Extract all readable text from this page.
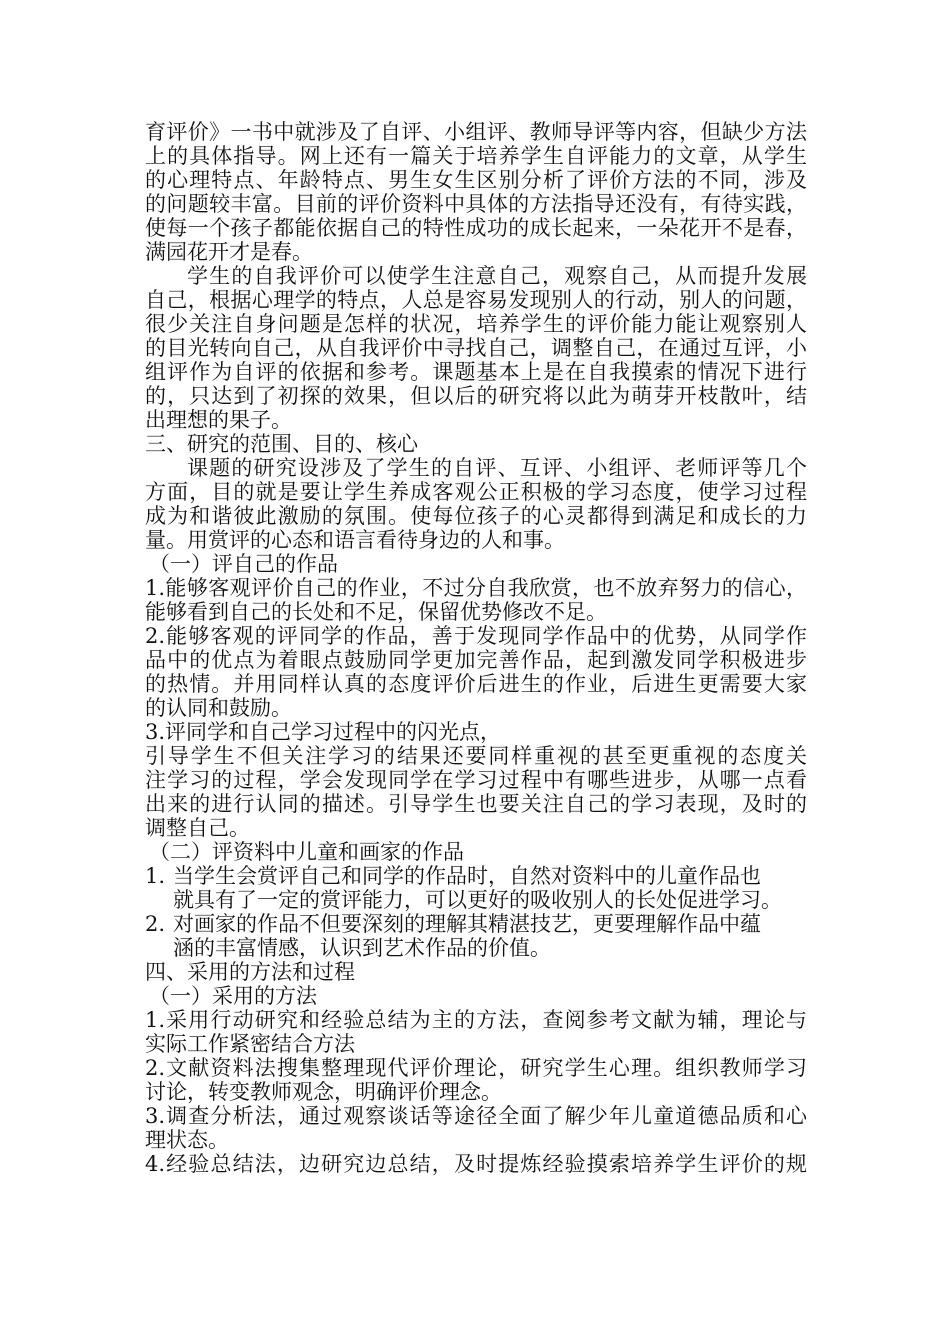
育评价》一书中就涉及了自评、小组评、教师导评等内容，但缺少方法
上的具体指导。网上还有一篇关于培养学生自评能力的文章，从学生
的心理特点、年龄特点、男生女生区别分析了评价方法的不同，涉及
的问题较丰富。目前的评价资料中具体的方法指导还没有，有待实践，
使每一个孩子都能依据自己的特性成功的成长起来，一朵花开不是春，
满园花开才是春。
学生的自我评价可以使学生注意自己，观察自己，从而提升发展
自己，根据心理学的特点，人总是容易发现别人的行动，别人的问题，
很少关注自身问题是怎样的状况，培养学生的评价能力能让观察别人
的目光转向自己，从自我评价中寻找自己，调整自己，在通过互评，小
组评作为自评的依据和参考。课题基本上是在自我摸索的情况下进行
的，只达到了初探的效果，但以后的研究将以此为萌芽开枝散叶，结
出理想的果子。
三、研究的范围、目的、核心
课题的研究设涉及了学生的自评、互评、小组评、老师评等几个
方面，目的就是要让学生养成客观公正积极的学习态度，使学习过程
成为和谐彼此激励的氛围。使每位孩子的心灵都得到满足和成长的力
量。用赏评的心态和语言看待身边的人和事。
（一）评自己的作品
1.能够客观评价自己的作业，不过分自我欣赏，也不放弃努力的信心，
能够看到自己的长处和不足，保留优势修改不足。
2.能够客观的评同学的作品，善于发现同学作品中的优势，从同学作
品中的优点为着眼点鼓励同学更加完善作品，起到激发同学积极进步
的热情。并用同样认真的态度评价后进生的作业，后进生更需要大家
的认同和鼓励。
3.评同学和自己学习过程中的闪光点，
引导学生不但关注学习的结果还要同样重视的甚至更重视的态度关
注学习的过程，学会发现同学在学习过程中有哪些进步，从哪一点看
出来的进行认同的描述。引导学生也要关注自己的学习表现，及时的
调整自己。
（二）评资料中儿童和画家的作品
1. 当学生会赏评自己和同学的作品时，自然对资料中的儿童作品也
就具有了一定的赏评能力，可以更好的吸收别人的长处促进学习。
2. 对画家的作品不但要深刻的理解其精湛技艺，更要理解作品中蕴
涵的丰富情感，认识到艺术作品的价值。
四、采用的方法和过程
（一）采用的方法
1.采用行动研究和经验总结为主的方法，查阅参考文献为辅，理论与
实际工作紧密结合方法
2.文献资料法搜集整理现代评价理论，研究学生心理。组织教师学习
讨论，转变教师观念，明确评价理念。
3.调查分析法，通过观察谈话等途径全面了解少年儿童道德品质和心
理状态。
4.经验总结法，边研究边总结，及时提炼经验摸索培养学生评价的规
